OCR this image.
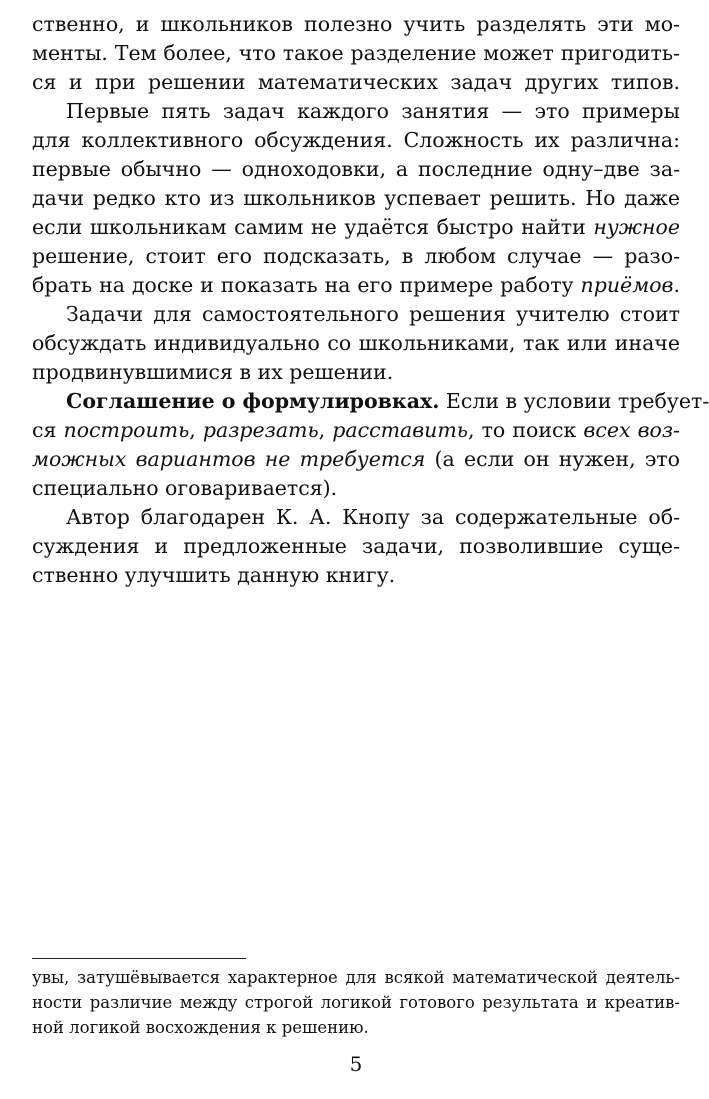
ственно, и школьников полезно учить разделять эти мо-
менты. Тем более, что такое разделение может пригодить-
ся и при решении математических задач других типов.
Первые пять задач каждого занятия — это примеры
для коллективного обсуждения. Сложность их различна:
первые обычно — одноходовки, а последние одну–две за-
дачи редко кто из школьников успевает решить. Но даже
если школьникам самим не удаётся быстро найти нужное
решение, стоит его подсказать, в любом случае — разо-
брать на доске и показать на его примере работу приёмов.
Задачи для самостоятельного решения учителю стоит
обсуждать индивидуально со школьниками, так или иначе
продвинувшимися в их решении.
Соглашение о формулировках. Если в условии требует-
ся построить, разрезать, расставить, то поиск всех воз-
можных вариантов не требуется (а если он нужен, это
специально оговаривается).
Автор благодарен К. А. Кнопу за содержательные об-
суждения и предложенные задачи, позволившие суще-
ственно улучшить данную книгу.
увы, затушёвывается характерное для всякой математической деятель-
ности различие между строгой логикой готового результата и креатив-
ной логикой восхождения к решению.
5
